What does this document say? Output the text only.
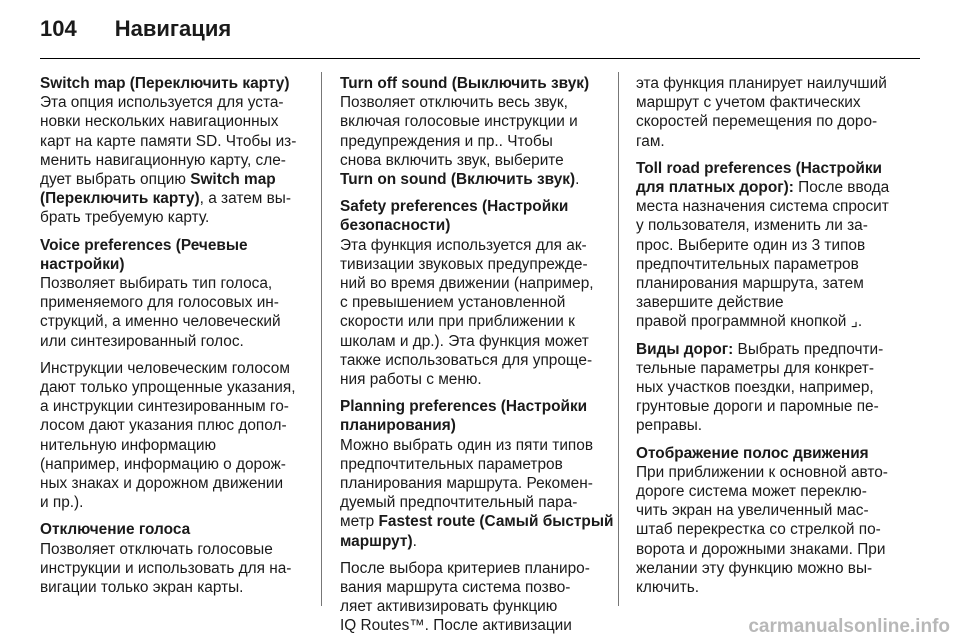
104 Навигация
Switch map (Переключить карту)
Эта опция используется для уста-
новки нескольких навигационных
карт на карте памяти SD. Чтобы из-
менить навигационную карту, сле-
дует выбрать опцию Switch map
(Переключить карту), а затем вы-
брать требуемую карту.
Voice preferences (Речевые
настройки)
Позволяет выбирать тип голоса,
применяемого для голосовых ин-
струкций, а именно человеческий
или синтезированный голос.
Инструкции человеческим голосом
дают только упрощенные указания,
а инструкции синтезированным го-
лосом дают указания плюс допол-
нительную информацию
(например, информацию о дорож-
ных знаках и дорожном движении
и пр.).
Отключение голоса
Позволяет отключать голосовые
инструкции и использовать для на-
вигации только экран карты.
Turn off sound (Выключить звук)
Позволяет отключить весь звук,
включая голосовые инструкции и
предупреждения и пр.. Чтобы
снова включить звук, выберите
Turn on sound (Включить звук).
Safety preferences (Настройки
безопасности)
Эта функция используется для ак-
тивизации звуковых предупрежде-
ний во время движении (например,
с превышением установленной
скорости или при приближении к
школам и др.). Эта функция может
также использоваться для упроще-
ния работы с меню.
Planning preferences (Настройки
планирования)
Можно выбрать один из пяти типов
предпочтительных параметров
планирования маршрута. Рекомен-
дуемый предпочтительный пара-
метр Fastest route (Самый быстрый
маршрут).
После выбора критериев планиро-
вания маршрута система позво-
ляет активизировать функцию
IQ Routes™. После активизации
эта функция планирует наилучший
маршрут с учетом фактических
скоростей перемещения по доро-
гам.
Toll road preferences (Настройки
для платных дорог): После ввода
места назначения система спросит
у пользователя, изменить ли за-
прос. Выберите один из 3 типов
предпочтительных параметров
планирования маршрута, затем
завершите действие
правой программной кнопкой ⌟.
Виды дорог: Выбрать предпочти-
тельные параметры для конкрет-
ных участков поездки, например,
грунтовые дороги и паромные пе-
реправы.
Отображение полос движения
При приближении к основной авто-
дороге система может переклю-
чить экран на увеличенный мас-
штаб перекрестка со стрелкой по-
ворота и дорожными знаками. При
желании эту функцию можно вы-
ключить.
carmanualsonline.info
